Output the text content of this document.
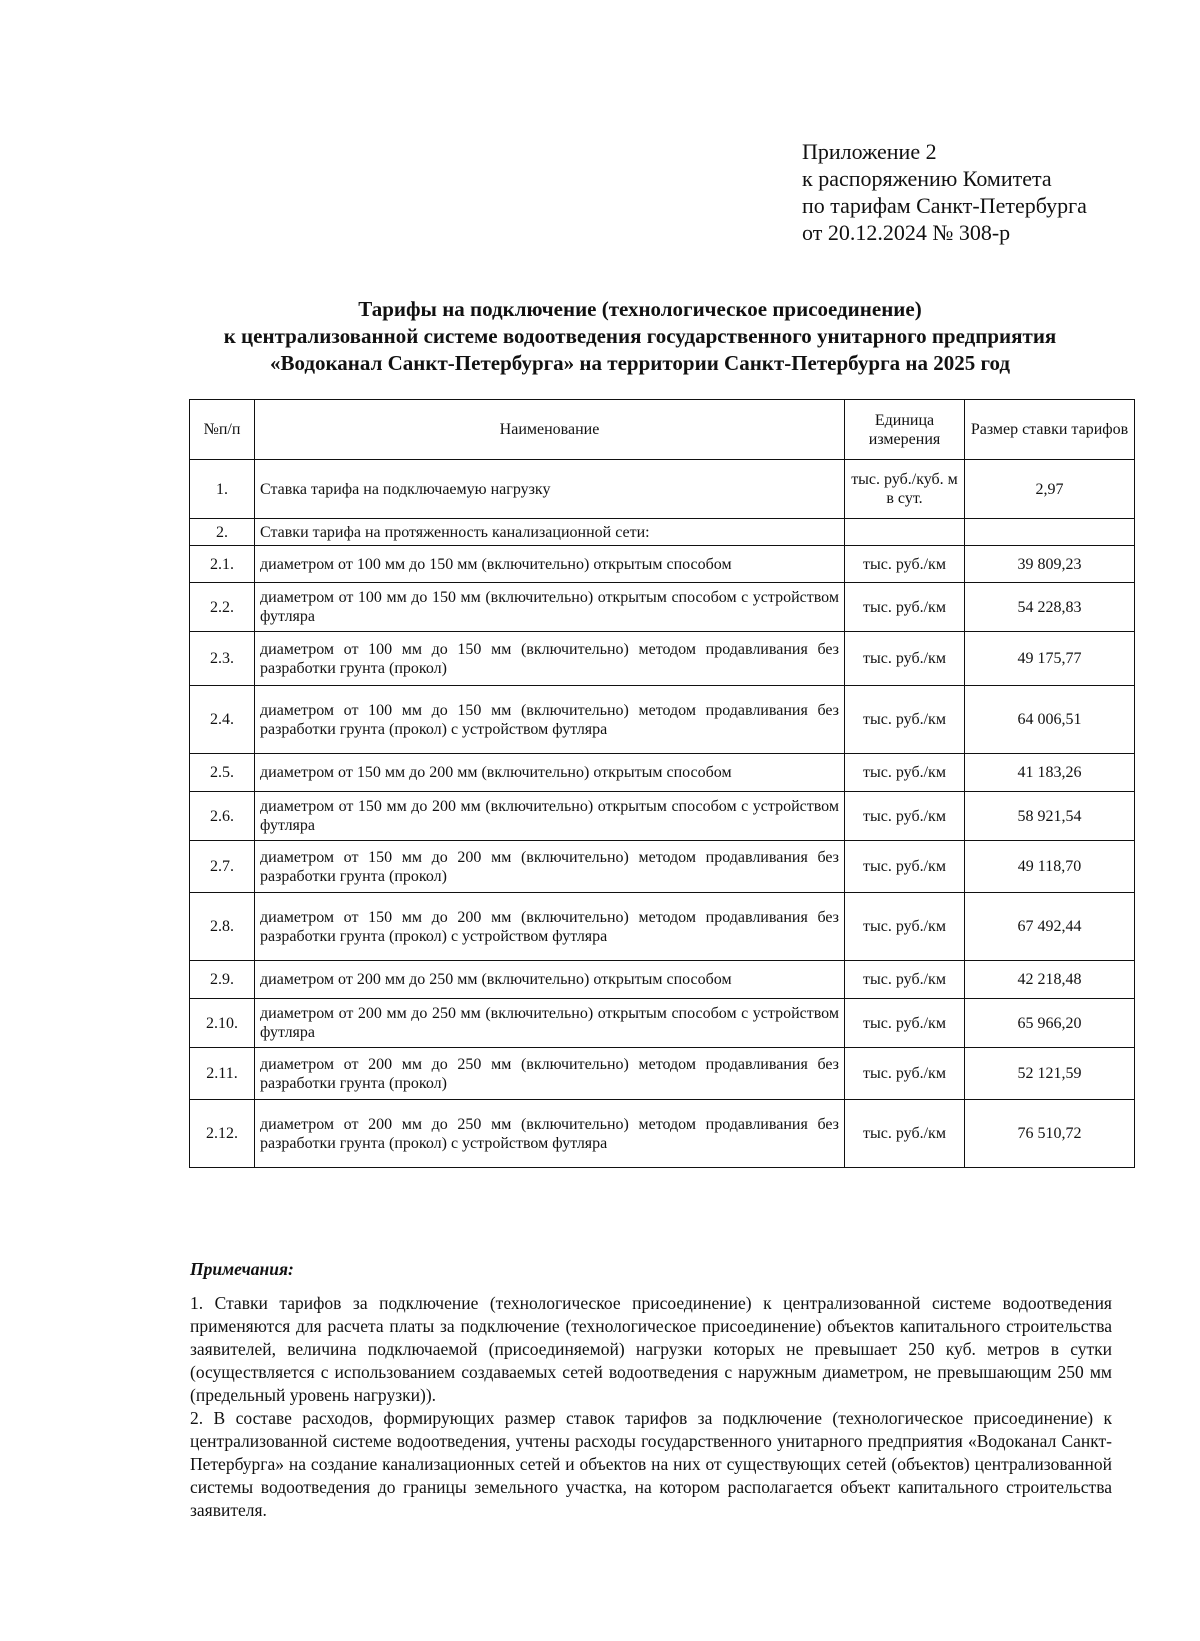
Приложение 2
к распоряжению Комитета
по тарифам Санкт-Петербурга
от 20.12.2024 № 308-р
Тарифы на подключение (технологическое присоединение)
к централизованной системе водоотведения государственного унитарного предприятия
«Водоканал Санкт-Петербурга» на территории Санкт-Петербурга на 2025 год
№п/п	Наименование	Единица измерения	Размер ставки тарифов
1.	Ставка тарифа на подключаемую нагрузку	тыс. руб./куб. м в сут.	2,97
2.	Ставки тарифа на протяженность канализационной сети:		
2.1.	диаметром от 100 мм до 150 мм (включительно) открытым способом	тыс. руб./км	39 809,23
2.2.	диаметром от 100 мм до 150 мм (включительно) открытым способом с устройством футляра	тыс. руб./км	54 228,83
2.3.	диаметром от 100 мм до 150 мм (включительно) методом продавливания без разработки грунта (прокол)	тыс. руб./км	49 175,77
2.4.	диаметром от 100 мм до 150 мм (включительно) методом продавливания без разработки грунта (прокол) с устройством футляра	тыс. руб./км	64 006,51
2.5.	диаметром от 150 мм до 200 мм (включительно) открытым способом	тыс. руб./км	41 183,26
2.6.	диаметром от 150 мм до 200 мм (включительно) открытым способом с устройством футляра	тыс. руб./км	58 921,54
2.7.	диаметром от 150 мм до 200 мм (включительно) методом продавливания без разработки грунта (прокол)	тыс. руб./км	49 118,70
2.8.	диаметром от 150 мм до 200 мм (включительно) методом продавливания без разработки грунта (прокол) с устройством футляра	тыс. руб./км	67 492,44
2.9.	диаметром от 200 мм до 250 мм (включительно) открытым способом	тыс. руб./км	42 218,48
2.10.	диаметром от 200 мм до 250 мм (включительно) открытым способом с устройством футляра	тыс. руб./км	65 966,20
2.11.	диаметром от 200 мм до 250 мм (включительно) методом продавливания без разработки грунта (прокол)	тыс. руб./км	52 121,59
2.12.	диаметром от 200 мм до 250 мм (включительно) методом продавливания без разработки грунта (прокол) с устройством футляра	тыс. руб./км	76 510,72
Примечания:
1. Ставки тарифов за подключение (технологическое присоединение) к централизованной системе водоотведения применяются для расчета платы за подключение (технологическое присоединение) объектов капитального строительства заявителей, величина подключаемой (присоединяемой) нагрузки которых не превышает 250 куб. метров в сутки (осуществляется с использованием создаваемых сетей водоотведения с наружным диаметром, не превышающим 250 мм (предельный уровень нагрузки)).
2. В составе расходов, формирующих размер ставок тарифов за подключение (технологическое присоединение) к централизованной системе водоотведения, учтены расходы государственного унитарного предприятия «Водоканал Санкт-Петербурга» на создание канализационных сетей и объектов на них от существующих сетей (объектов) централизованной системы водоотведения до границы земельного участка, на котором располагается объект капитального строительства заявителя.
